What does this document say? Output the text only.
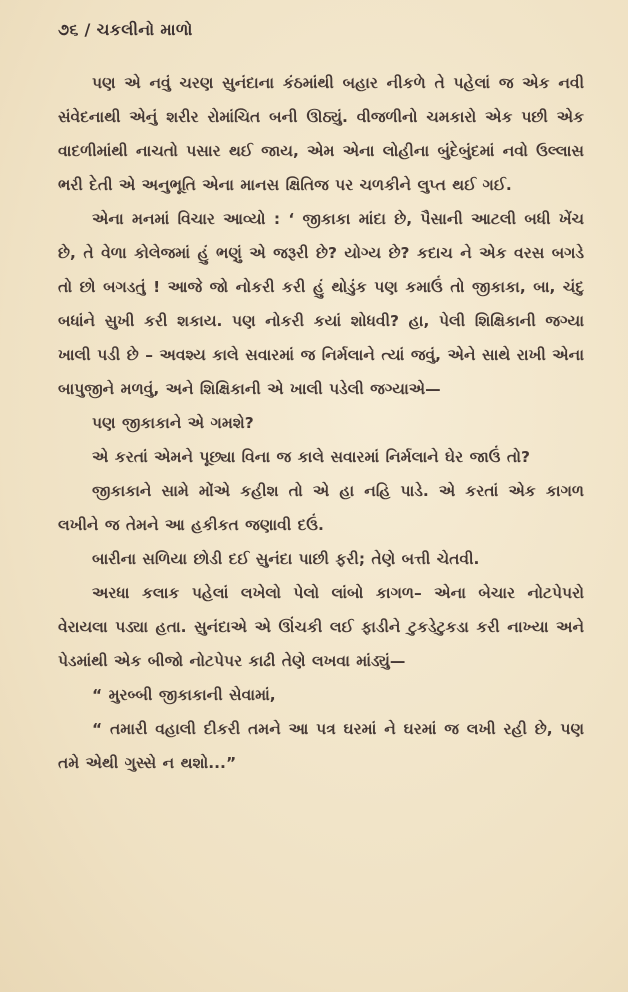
૭૬ / ચકલીનો માળો

પણ એ નવું ચરણ સુનંદાના કંઠમાંથી બહાર નીકળે તે પહેલાં જ એક નવી સંવેદનાથી એનું શરીર રોમાંચિત બની ઊઠ્યું. વીજળીનો ચમકારો એક પછી એક વાદળીમાંથી નાચતો પસાર થઈ જાય, એમ એના લોહીના બુંદેબુંદમાં નવો ઉલ્લાસ ભરી દેતી એ અનુભૂતિ એના માનસ ક્ષિતિજ પર ચળકીને લુપ્ત થઈ ગઈ.

એના મનમાં વિચાર આવ્યો : ‘ જીકાકા માંદા છે, પૈસાની આટલી બધી ખેંચ છે, તે વેળા કોલેજમાં હું ભણું એ જરૂરી છે? યોગ્ય છે? કદાચ ને એક વરસ બગડે તો છો બગડતું ! આજે જો નોકરી કરી હું થોડુંક પણ કમાઉં તો જીકાકા, બા, ચંદુ બધાંને સુખી કરી શકાય. પણ નોકરી કયાં શોધવી? હા, પેલી શિક્ષિકાની જગ્યા ખાલી પડી છે – અવશ્ય કાલે સવારમાં જ નિર્મલાને ત્યાં જવું, એને સાથે રાખી એના બાપુજીને મળવું, અને શિક્ષિકાની એ ખાલી પડેલી જગ્યાએ—

પણ જીકાકાને એ ગમશે?

એ કરતાં એમને પૂછ્યા વિના જ કાલે સવારમાં નિર્મલાને ઘેર જાઉં તો?

જીકાકાને સામે મોંએ કહીશ તો એ હા નહિ પાડે. એ કરતાં એક કાગળ લખીને જ તેમને આ હકીકત જણાવી દઉં.

બારીના સળિયા છોડી દઈ સુનંદા પાછી ફરી; તેણે બત્તી ચેતવી.

અરધા કલાક પહેલાં લખેલો પેલો લાંબો કાગળ– એના બેચાર નોટપેપરો વેરાયલા પડ્યા હતા. સુનંદાએ એ ઊંચકી લઈ ફાડીને ટુકડેટુકડા કરી નાખ્યા અને પેડમાંથી એક બીજો નોટપેપર કાઢી તેણે લખવા માંડ્યું—

“ મુરબ્બી જીકાકાની સેવામાં,

“ તમારી વહાલી દીકરી તમને આ પત્ર ઘરમાં ને ઘરમાં જ લખી રહી છે, પણ તમે એથી ગુસ્સે ન થશો...”
